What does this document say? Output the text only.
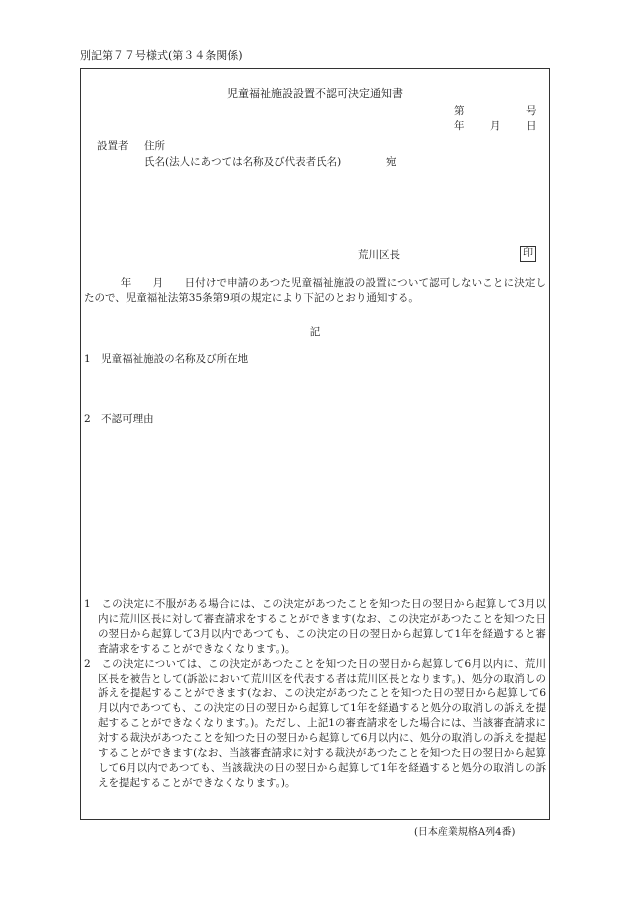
別記第７７号様式(第３４条関係)
児童福祉施設設置不認可決定通知書
第	号
年 月 日
設置者 住所
氏名(法人にあつては名称及び代表者氏名)	宛
荒川区長	印
年　　月　　日付けで申請のあつた児童福祉施設の設置について認可しないことに決定したので、児童福祉法第35条第9項の規定により下記のとおり通知する。
記
1　児童福祉施設の名称及び所在地
2　不認可理由

1　この決定に不服がある場合には、この決定があつたことを知つた日の翌日から起算して3月以内に荒川区長に対して審査請求をすることができます(なお、この決定があつたことを知つた日の翌日から起算して3月以内であつても、この決定の日の翌日から起算して1年を経過すると審査請求をすることができなくなります。)。

2　この決定については、この決定があつたことを知つた日の翌日から起算して6月以内に、荒川区長を被告として(訴訟において荒川区を代表する者は荒川区長となります。)、処分の取消しの訴えを提起することができます(なお、この決定があつたことを知つた日の翌日から起算して6月以内であつても、この決定の日の翌日から起算して1年を経過すると処分の取消しの訴えを提起することができなくなります。)。ただし、上記1の審査請求をした場合には、当該審査請求に対する裁決があつたことを知つた日の翌日から起算して6月以内に、処分の取消しの訴えを提起することができます(なお、当該審査請求に対する裁決があつたことを知つた日の翌日から起算して6月以内であつても、当該裁決の日の翌日から起算して1年を経過すると処分の取消しの訴えを提起することができなくなります。)。

(日本産業規格A列4番)
